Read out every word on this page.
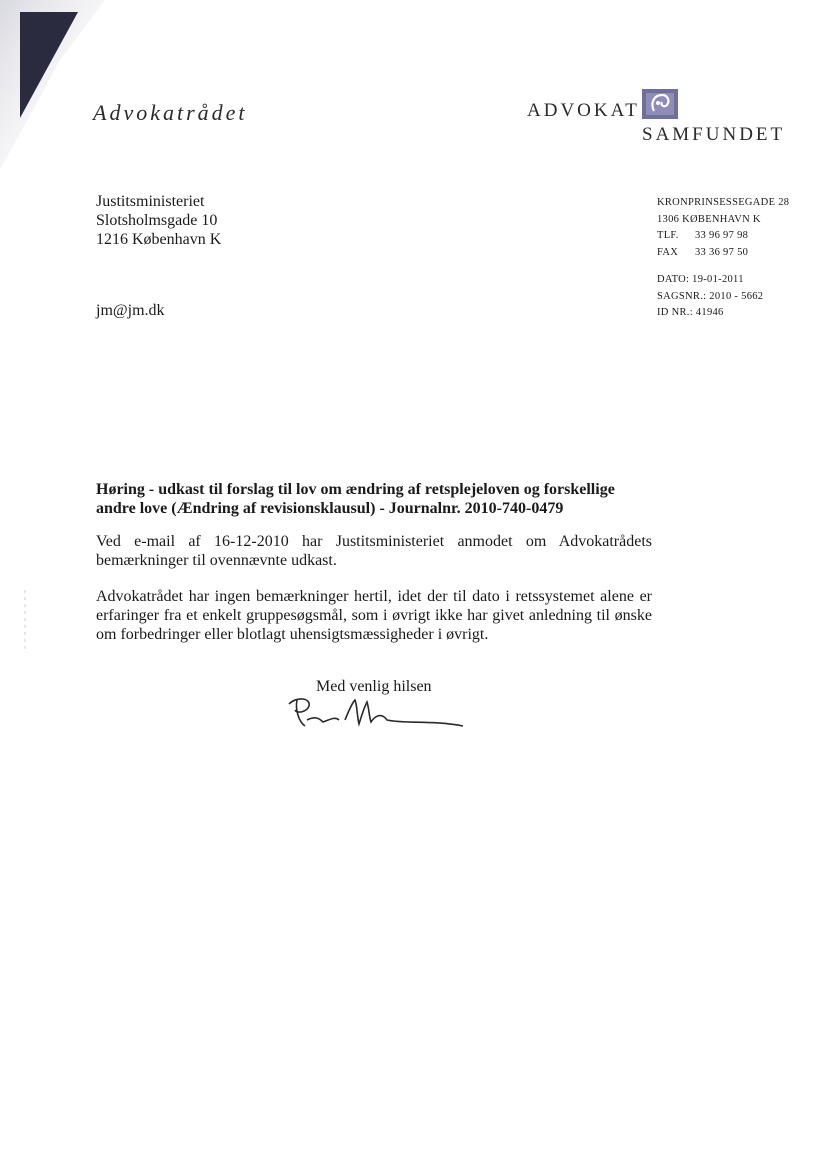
Advokatrådet	ADVOKAT
SAMFUNDET
Justitsministeriet
Slotsholmsgade 10
1216 København K
jm@jm.dk
KRONPRINSESSEGADE 28
1306 KØBENHAVN K
TLF. 33 96 97 98
FAX 33 36 97 50
DATO: 19-01-2011
SAGSNR.: 2010 - 5662
ID NR.: 41946
Høring - udkast til forslag til lov om ændring af retsplejeloven og forskellige andre love (Ændring af revisionsklausul) - Journalnr. 2010-740-0479
Ved e-mail af 16-12-2010 har Justitsministeriet anmodet om Advokatrådets bemærkninger til ovennævnte udkast.
Advokatrådet har ingen bemærkninger hertil, idet der til dato i retssystemet alene er erfaringer fra et enkelt gruppesøgsmål, som i øvrigt ikke har givet anledning til ønske om forbedringer eller blotlagt uhensigtsmæssigheder i øvrigt.
Med venlig hilsen
